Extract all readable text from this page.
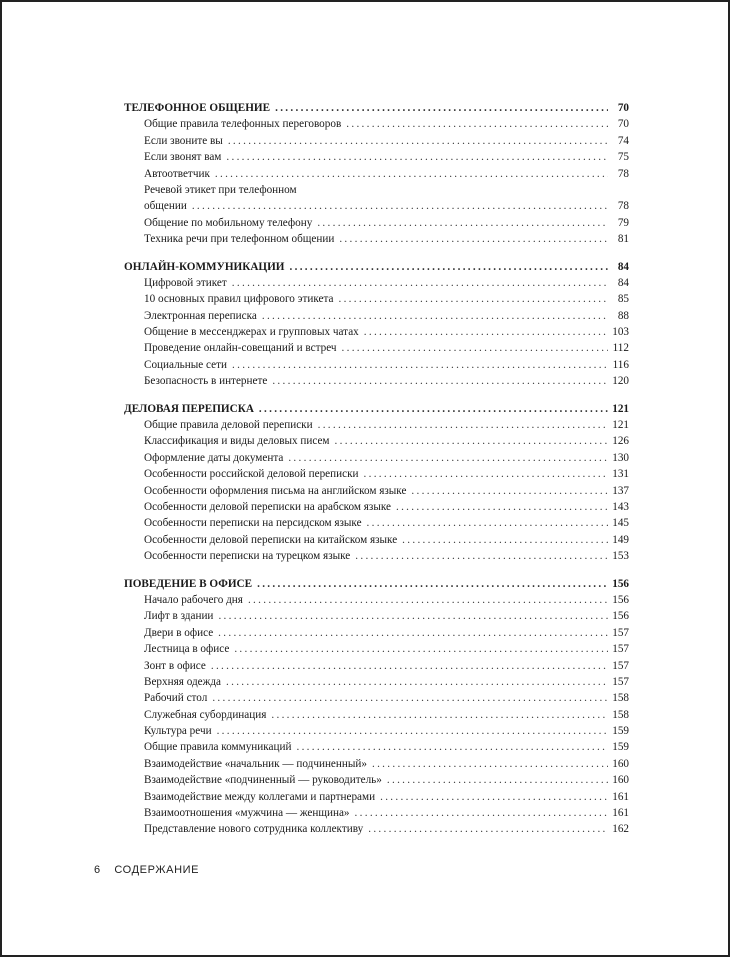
ТЕЛЕФОННОЕ ОБЩЕНИЕ . . .	70
Общие правила телефонных переговоров . . .	70
Если звоните вы . . .	74
Если звонят вам . . .	75
Автоответчик . . .	78
Речевой этикет при телефонном
общении . . .	78
Общение по мобильному телефону . . .	79
Техника речи при телефонном общении . . .	81
ОНЛАЙН-КОММУНИКАЦИИ . . .	84
Цифровой этикет . . .	84
10 основных правил цифрового этикета . . .	85
Электронная переписка . . .	88
Общение в мессенджерах и групповых чатах . . .	103
Проведение онлайн-совещаний и встреч . . .	112
Социальные сети . . .	116
Безопасность в интернете . . .	120
ДЕЛОВАЯ ПЕРЕПИСКА . . .	121
Общие правила деловой переписки . . .	121
Классификация и виды деловых писем . . .	126
Оформление даты документа . . .	130
Особенности российской деловой переписки . . .	131
Особенности оформления письма на английском языке . . .	137
Особенности деловой переписки на арабском языке . . .	143
Особенности переписки на персидском языке . . .	145
Особенности деловой переписки на китайском языке . . .	149
Особенности переписки на турецком языке . . .	153
ПОВЕДЕНИЕ В ОФИСЕ . . .	156
Начало рабочего дня . . .	156
Лифт в здании . . .	156
Двери в офисе . . .	157
Лестница в офисе . . .	157
Зонт в офисе . . .	157
Верхняя одежда . . .	157
Рабочий стол . . .	158
Служебная субординация . . .	158
Культура речи . . .	159
Общие правила коммуникаций . . .	159
Взаимодействие «начальник — подчиненный» . . .	160
Взаимодействие «подчиненный — руководитель» . . .	160
Взаимодействие между коллегами и партнерами . . .	161
Взаимоотношения «мужчина — женщина» . . .	161
Представление нового сотрудника коллективу . . .	162
6 СОДЕРЖАНИЕ
